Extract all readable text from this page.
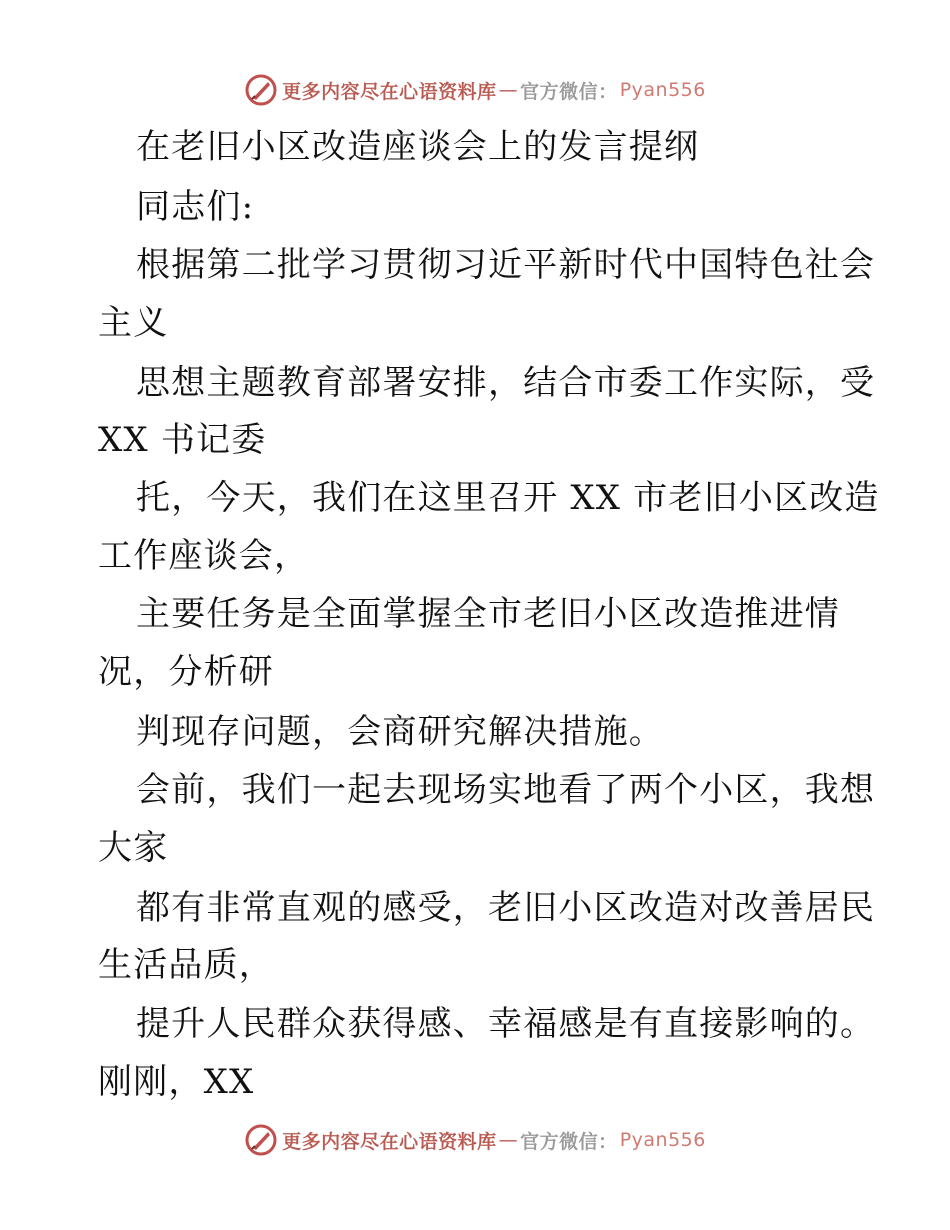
更多内容尽在心语资料库 — 官方微信： Pyan556
在老旧小区改造座谈会上的发言提纲
同志们:
根据第二批学习贯彻习近平新时代中国特色社会
主义
思想主题教育部署安排，结合市委工作实际，受
XX 书记委
托，今天，我们在这里召开 XX 市老旧小区改造
工作座谈会，
主要任务是全面掌握全市老旧小区改造推进情
况，分析研
判现存问题，会商研究解决措施。
会前，我们一起去现场实地看了两个小区，我想
大家
都有非常直观的感受，老旧小区改造对改善居民
生活品质，
提升人民群众获得感、幸福感是有直接影响的。
刚刚，XX
更多内容尽在心语资料库 — 官方微信： Pyan556
